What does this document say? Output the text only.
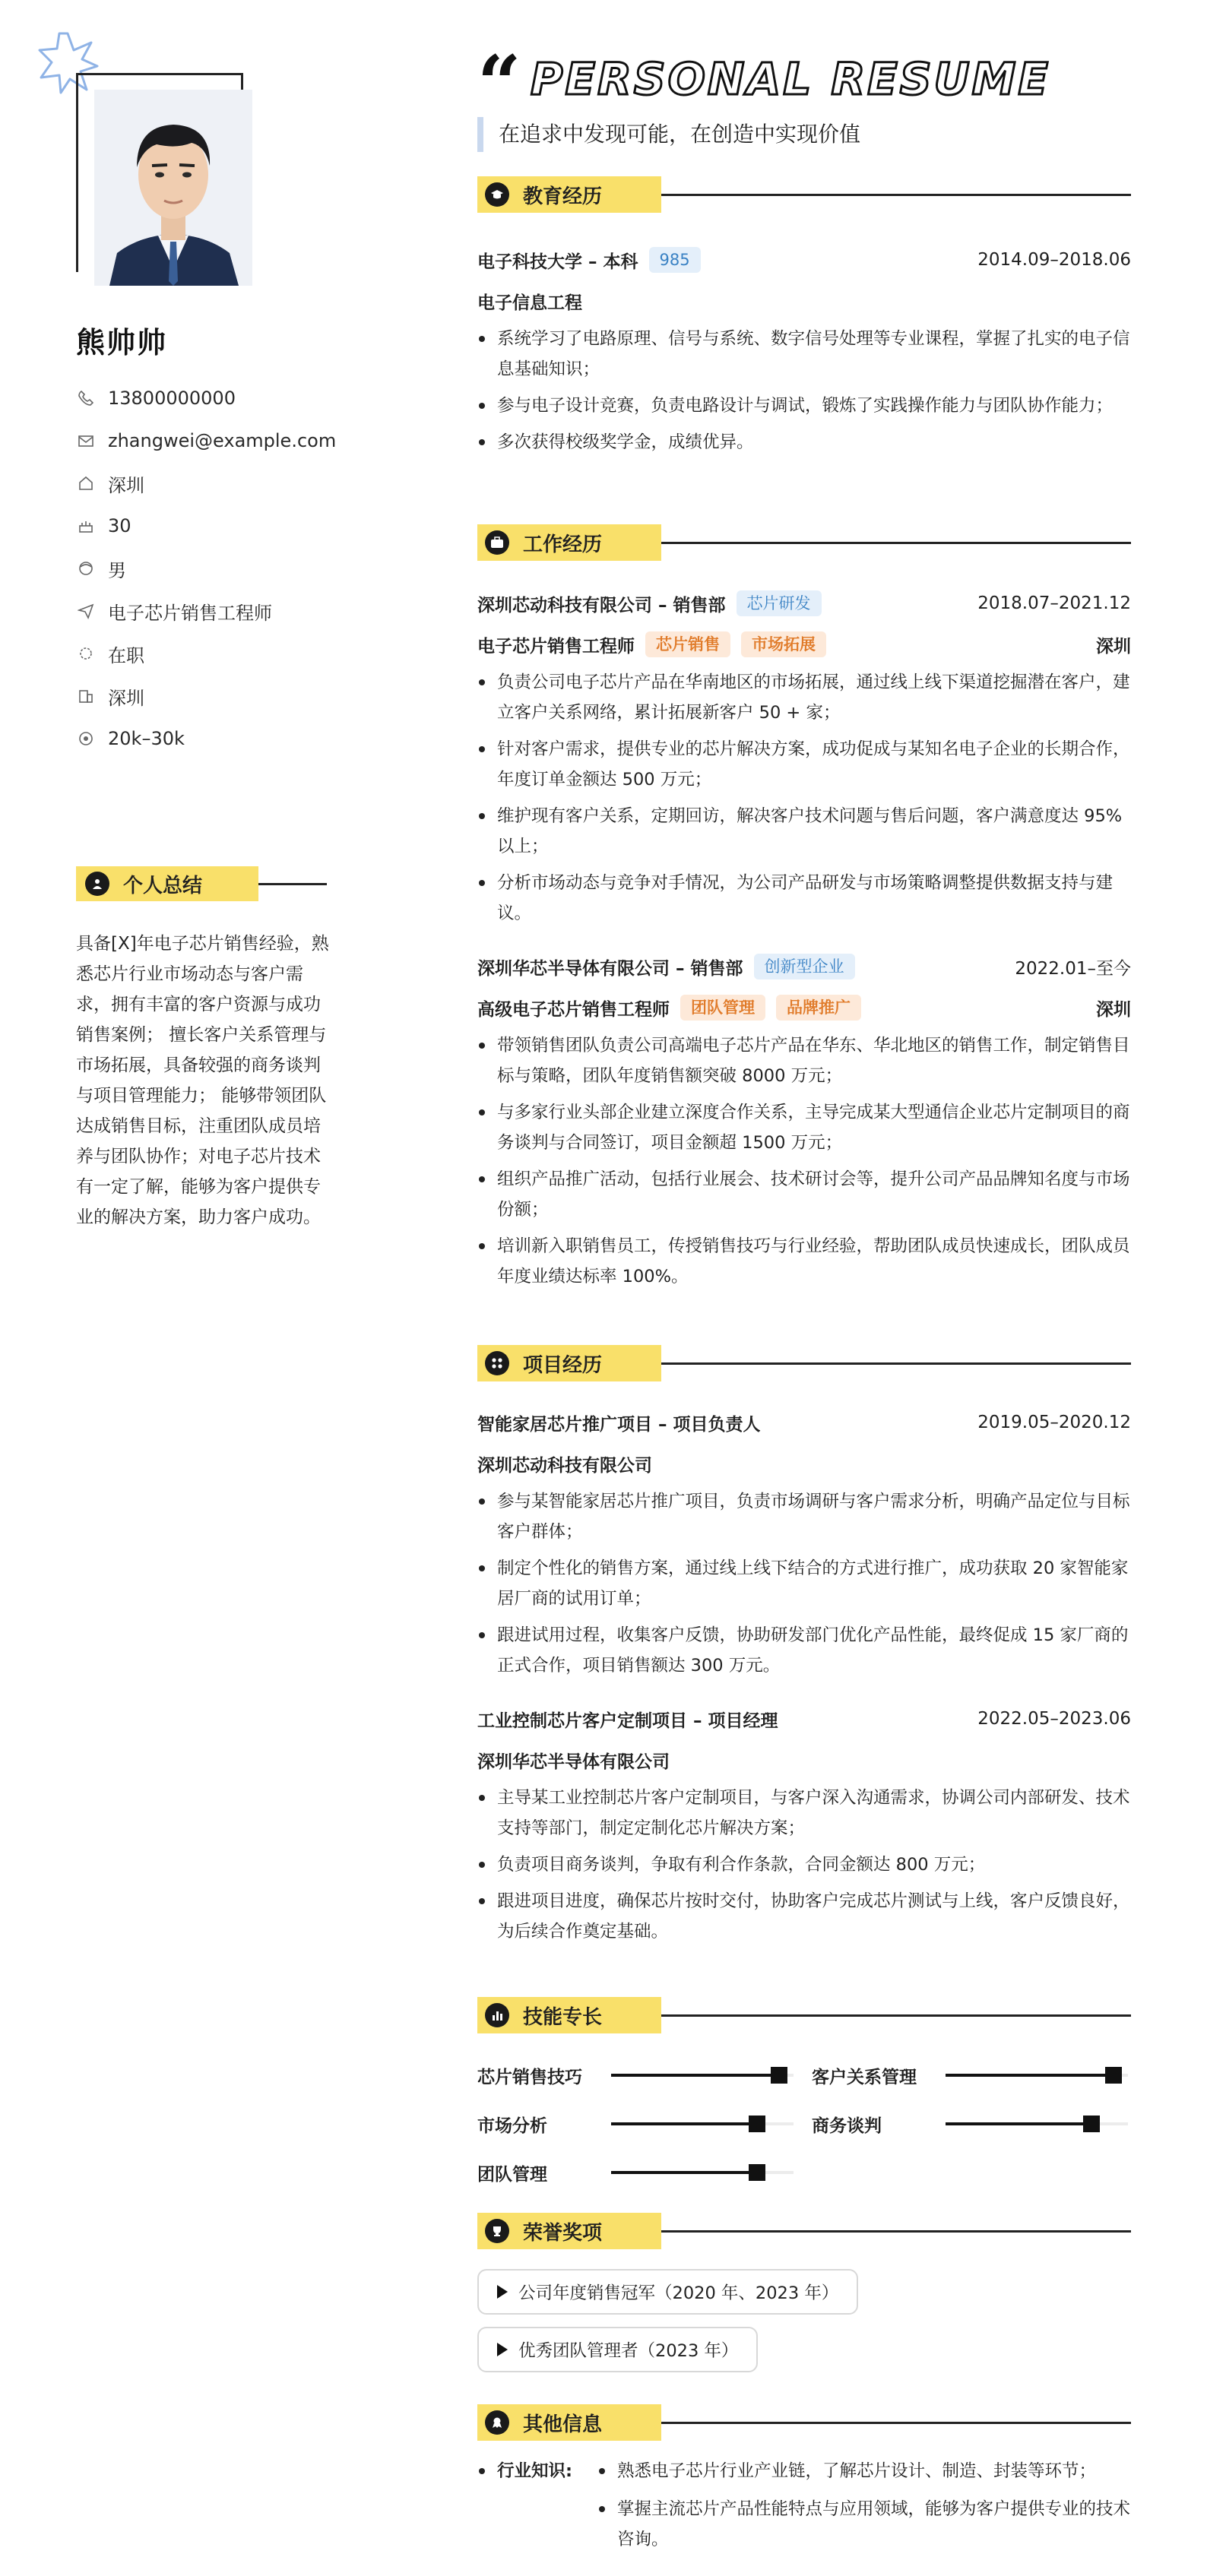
熊帅帅
13800000000
zhangwei@example.com
深圳
30
男
电子芯片销售工程师
在职
深圳
20k–30k
个人总结
具备[X]年电子芯片销售经验，熟悉芯片行业市场动态与客户需求，拥有丰富的客户资源与成功销售案例； 擅长客户关系管理与市场拓展，具备较强的商务谈判与项目管理能力； 能够带领团队达成销售目标，注重团队成员培养与团队协作；对电子芯片技术有一定了解，能够为客户提供专业的解决方案，助力客户成功。
“ PERSONAL RESUME
在追求中发现可能，在创造中实现价值
教育经历
电子科技大学 – 本科	985	2014.09–2018.06
电子信息工程
系统学习了电路原理、信号与系统、数字信号处理等专业课程，掌握了扎实的电子信息基础知识；
参与电子设计竞赛，负责电路设计与调试，锻炼了实践操作能力与团队协作能力；
多次获得校级奖学金，成绩优异。
工作经历
深圳芯动科技有限公司 – 销售部	芯片研发	2018.07–2021.12
电子芯片销售工程师	芯片销售	市场拓展	深圳
负责公司电子芯片产品在华南地区的市场拓展，通过线上线下渠道挖掘潜在客户，建立客户关系网络，累计拓展新客户 50 + 家；
针对客户需求，提供专业的芯片解决方案，成功促成与某知名电子企业的长期合作，年度订单金额达 500 万元；
维护现有客户关系，定期回访，解决客户技术问题与售后问题，客户满意度达 95%以上；
分析市场动态与竞争对手情况，为公司产品研发与市场策略调整提供数据支持与建议。
深圳华芯半导体有限公司 – 销售部	创新型企业	2022.01–至今
高级电子芯片销售工程师	团队管理	品牌推广	深圳
带领销售团队负责公司高端电子芯片产品在华东、华北地区的销售工作，制定销售目标与策略，团队年度销售额突破 8000 万元；
与多家行业头部企业建立深度合作关系，主导完成某大型通信企业芯片定制项目的商务谈判与合同签订，项目金额超 1500 万元；
组织产品推广活动，包括行业展会、技术研讨会等，提升公司产品品牌知名度与市场份额；
培训新入职销售员工，传授销售技巧与行业经验，帮助团队成员快速成长，团队成员年度业绩达标率 100%。
项目经历
智能家居芯片推广项目 – 项目负责人	2019.05–2020.12
深圳芯动科技有限公司
参与某智能家居芯片推广项目，负责市场调研与客户需求分析，明确产品定位与目标客户群体；
制定个性化的销售方案，通过线上线下结合的方式进行推广，成功获取 20 家智能家居厂商的试用订单；
跟进试用过程，收集客户反馈，协助研发部门优化产品性能，最终促成 15 家厂商的正式合作，项目销售额达 300 万元。
工业控制芯片客户定制项目 – 项目经理	2022.05–2023.06
深圳华芯半导体有限公司
主导某工业控制芯片客户定制项目，与客户深入沟通需求，协调公司内部研发、技术支持等部门，制定定制化芯片解决方案；
负责项目商务谈判，争取有利合作条款，合同金额达 800 万元；
跟进项目进度，确保芯片按时交付，协助客户完成芯片测试与上线，客户反馈良好，为后续合作奠定基础。
技能专长
芯片销售技巧	客户关系管理
市场分析	商务谈判
团队管理
荣誉奖项
公司年度销售冠军（2020 年、2023 年）
优秀团队管理者（2023 年）
其他信息
行业知识:	熟悉电子芯片行业产业链，了解芯片设计、制造、封装等环节；
掌握主流芯片产品性能特点与应用领域，能够为客户提供专业的技术咨询。
